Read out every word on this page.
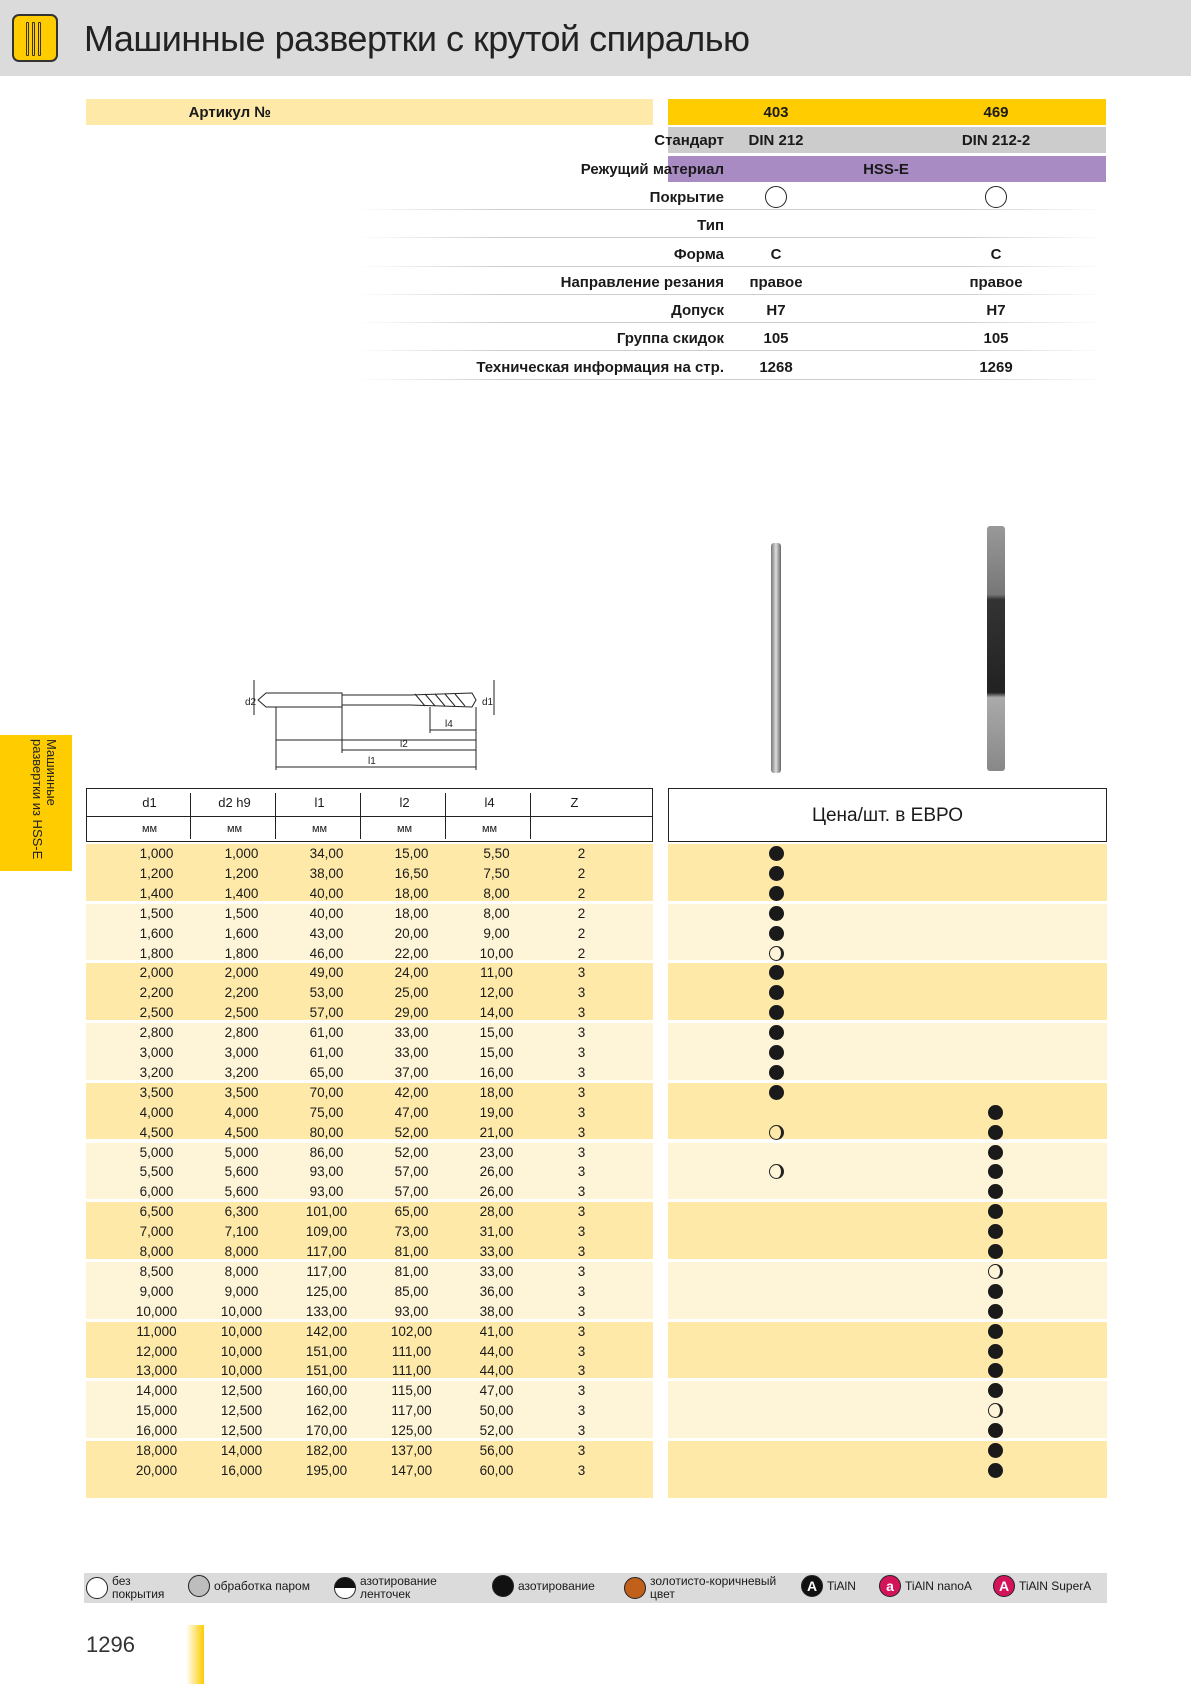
Машинные развертки с крутой спиралью
Артикул №	403	469
Стандарт	DIN 212	DIN 212-2
Режущий материал	HSS-E
Покрытие
Тип
Форма	C	C
Направление резания	правое	правое
Допуск	H7	H7
Группа скидок	105	105
Техническая информация на стр.	1268	1269
d2	d1
l4
l2
l1
d1
мм
d2 h9
мм
l1
мм
l2
мм
l4
мм
Z
Цена/шт. в ЕВРО
1,000	1,000	34,00	15,00	5,50	2
1,200	1,200	38,00	16,50	7,50	2
1,400	1,400	40,00	18,00	8,00	2
1,500	1,500	40,00	18,00	8,00	2
1,600	1,600	43,00	20,00	9,00	2
1,800	1,800	46,00	22,00	10,00	2
2,000	2,000	49,00	24,00	11,00	3
2,200	2,200	53,00	25,00	12,00	3
2,500	2,500	57,00	29,00	14,00	3
2,800	2,800	61,00	33,00	15,00	3
3,000	3,000	61,00	33,00	15,00	3
3,200	3,200	65,00	37,00	16,00	3
3,500	3,500	70,00	42,00	18,00	3
4,000	4,000	75,00	47,00	19,00	3
4,500	4,500	80,00	52,00	21,00	3
5,000	5,000	86,00	52,00	23,00	3
5,500	5,600	93,00	57,00	26,00	3
6,000	5,600	93,00	57,00	26,00	3
6,500	6,300	101,00	65,00	28,00	3
7,000	7,100	109,00	73,00	31,00	3
8,000	8,000	117,00	81,00	33,00	3
8,500	8,000	117,00	81,00	33,00	3
9,000	9,000	125,00	85,00	36,00	3
10,000	10,000	133,00	93,00	38,00	3
11,000	10,000	142,00	102,00	41,00	3
12,000	10,000	151,00	111,00	44,00	3
13,000	10,000	151,00	111,00	44,00	3
14,000	12,500	160,00	115,00	47,00	3
15,000	12,500	162,00	117,00	50,00	3
16,000	12,500	170,00	125,00	52,00	3
18,000	14,000	182,00	137,00	56,00	3
20,000	16,000	195,00	147,00	60,00	3
без покрытия
обработка паром	азотирование ленточек
азотирование	золотисто-коричневый цвет
A TiAlN	a TiAlN nanoA	A TiAlN SuperA
Машинные развертки из HSS-E
1296
